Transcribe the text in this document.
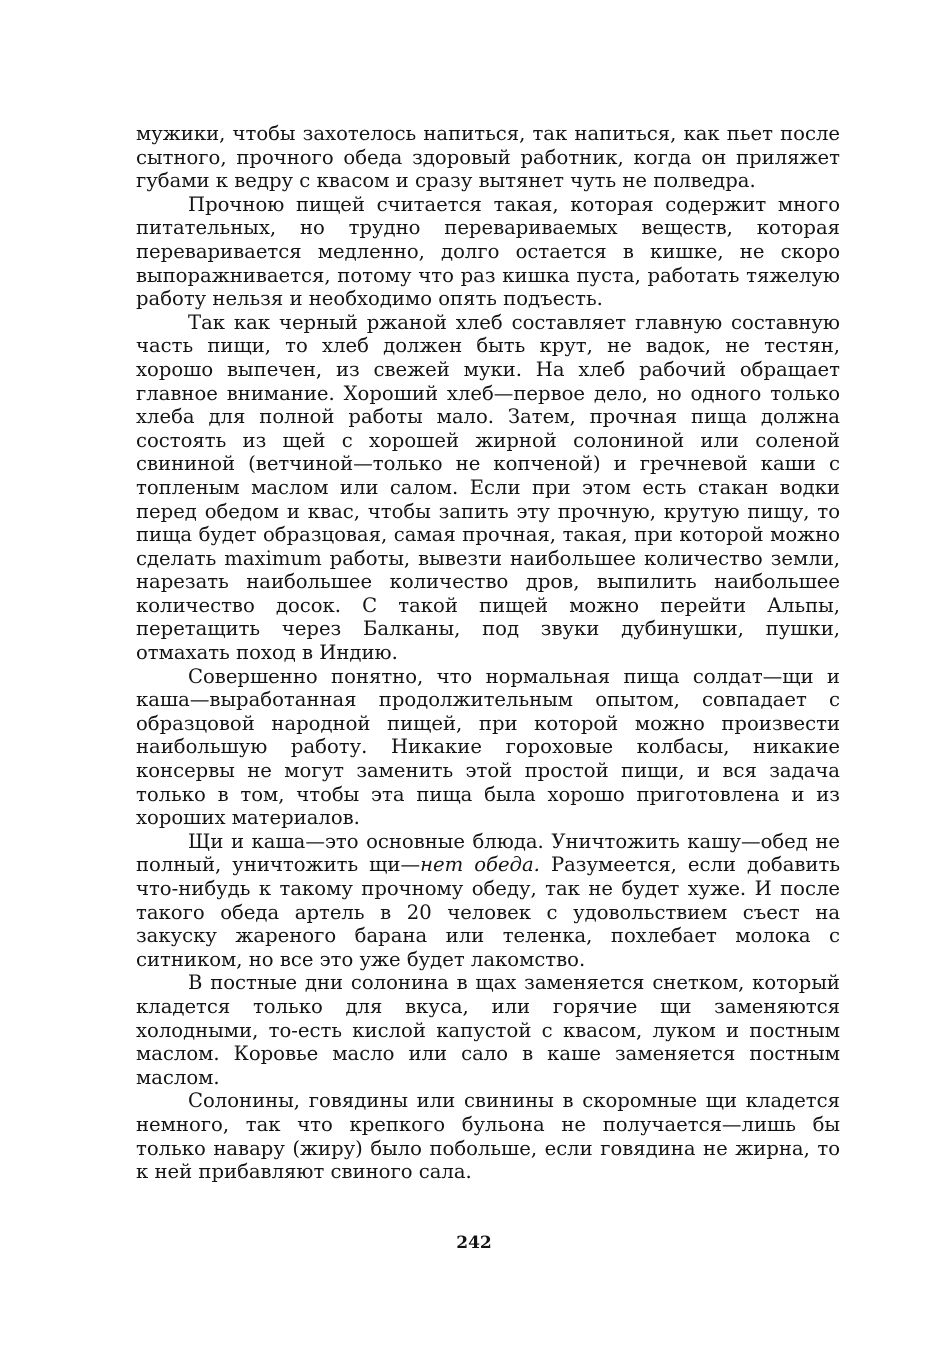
мужики, чтобы захотелось напиться, так напиться, как пьет после сытного, прочного обеда здоровый работник, когда он приляжет губами к ведру с квасом и сразу вытянет чуть не полведра.

Прочною пищей считается такая, которая содержит много питательных, но трудно перевариваемых веществ, которая переваривается медленно, долго остается в кишке, не скоро выпоражнивается, потому что раз кишка пуста, работать тяжелую работу нельзя и необходимо опять подъесть.

Так как черный ржаной хлеб составляет главную составную часть пищи, то хлеб должен быть крут, не вадок, не тестян, хорошо выпечен, из свежей муки. На хлеб рабочий обращает главное внимание. Хороший хлеб—первое дело, но одного только хлеба для полной работы мало. Затем, прочная пища должна состоять из щей с хорошей жирной солониной или соленой свининой (ветчиной—только не копченой) и гречневой каши с топленым маслом или салом. Если при этом есть стакан водки перед обедом и квас, чтобы запить эту прочную, крутую пищу, то пища будет образцовая, самая прочная, такая, при которой можно сделать maximum работы, вывезти наибольшее количество земли, нарезать наибольшее количество дров, выпилить наибольшее количество досок. С такой пищей можно перейти Альпы, перетащить через Балканы, под звуки дубинушки, пушки, отмахать поход в Индию.

Совершенно понятно, что нормальная пища солдат—щи и каша—выработанная продолжительным опытом, совпадает с образцовой народной пищей, при которой можно произвести наибольшую работу. Никакие гороховые колбасы, никакие консервы не могут заменить этой простой пищи, и вся задача только в том, чтобы эта пища была хорошо приготовлена и из хороших материалов.

Щи и каша—это основные блюда. Уничтожить кашу—обед не полный, уничтожить щи—нет обеда. Разумеется, если добавить что-нибудь к такому прочному обеду, так не будет хуже. И после такого обеда артель в 20 человек с удовольствием съест на закуску жареного барана или теленка, похлебает молока с ситником, но все это уже будет лакомство.

В постные дни солонина в щах заменяется снетком, который кладется только для вкуса, или горячие щи заменяются холодными, то-есть кислой капустой с квасом, луком и постным маслом. Коровье масло или сало в каше заменяется постным маслом.

Солонины, говядины или свинины в скоромные щи кладется немного, так что крепкого бульона не получается—лишь бы только навару (жиру) было побольше, если говядина не жирна, то к ней прибавляют свиного сала.

242
